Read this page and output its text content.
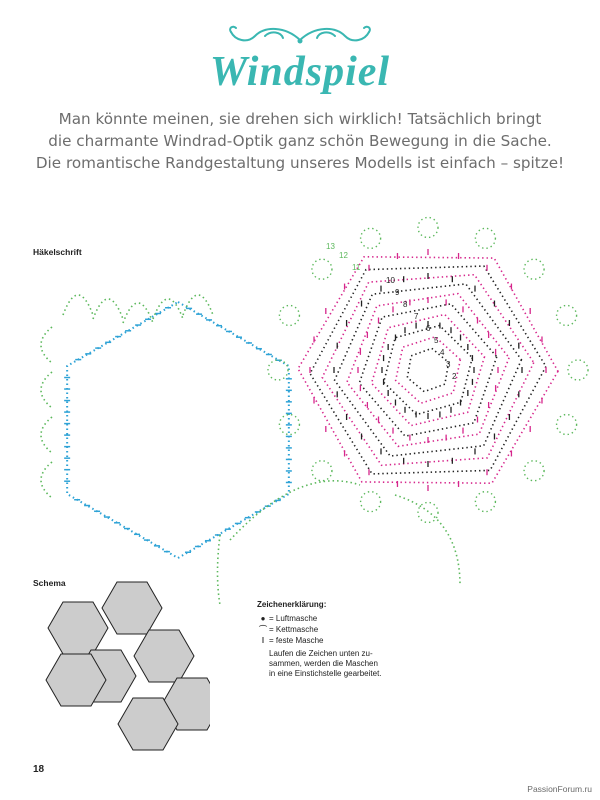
Windspiel
Man könnte meinen, sie drehen sich wirklich! Tatsächlich bringt
die charmante Windrad-Optik ganz schön Bewegung in die Sache.
Die romantische Randgestaltung unseres Modells ist einfach – spitze!
Häkelschrift
13
12
11
10
9
8
7
6
5
4
3
2
Schema
Zeichenerklärung:
● = Luftmasche
⌒ = Kettmasche
ǀ = feste Masche
Laufen die Zeichen unten zu-
sammen, werden die Maschen
in eine Einstichstelle gearbeitet.
18
PassionForum.ru
